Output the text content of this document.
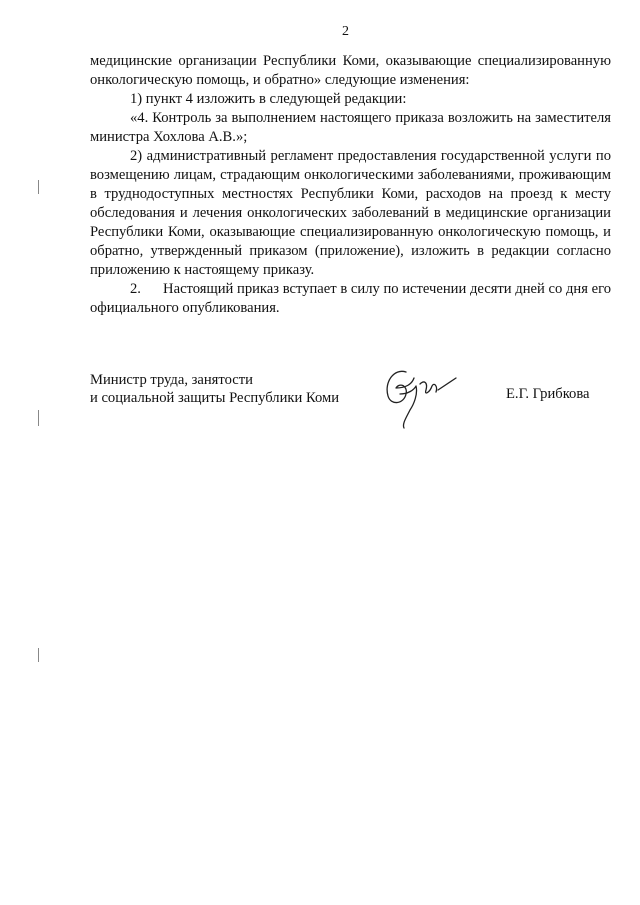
2

медицинские организации Республики Коми, оказывающие специализированную онкологическую помощь, и обратно» следующие изменения:

1) пункт 4 изложить в следующей редакции:

«4. Контроль за выполнением настоящего приказа возложить на заместителя министра Хохлова А.В.»;

2) административный регламент предоставления государственной услуги по возмещению лицам, страдающим онкологическими заболеваниями, проживающим в труднодоступных местностях Республики Коми, расходов на проезд к месту обследования и лечения онкологических заболеваний в медицинские организации Республики Коми, оказывающие специализированную онкологическую помощь, и обратно, утвержденный приказом (приложение), изложить в редакции согласно приложению к настоящему приказу.

2.      Настоящий приказ вступает в силу по истечении десяти дней со дня его официального опубликования.

Министр труда, занятости
и социальной защиты Республики Коми	Е.Г. Грибкова
